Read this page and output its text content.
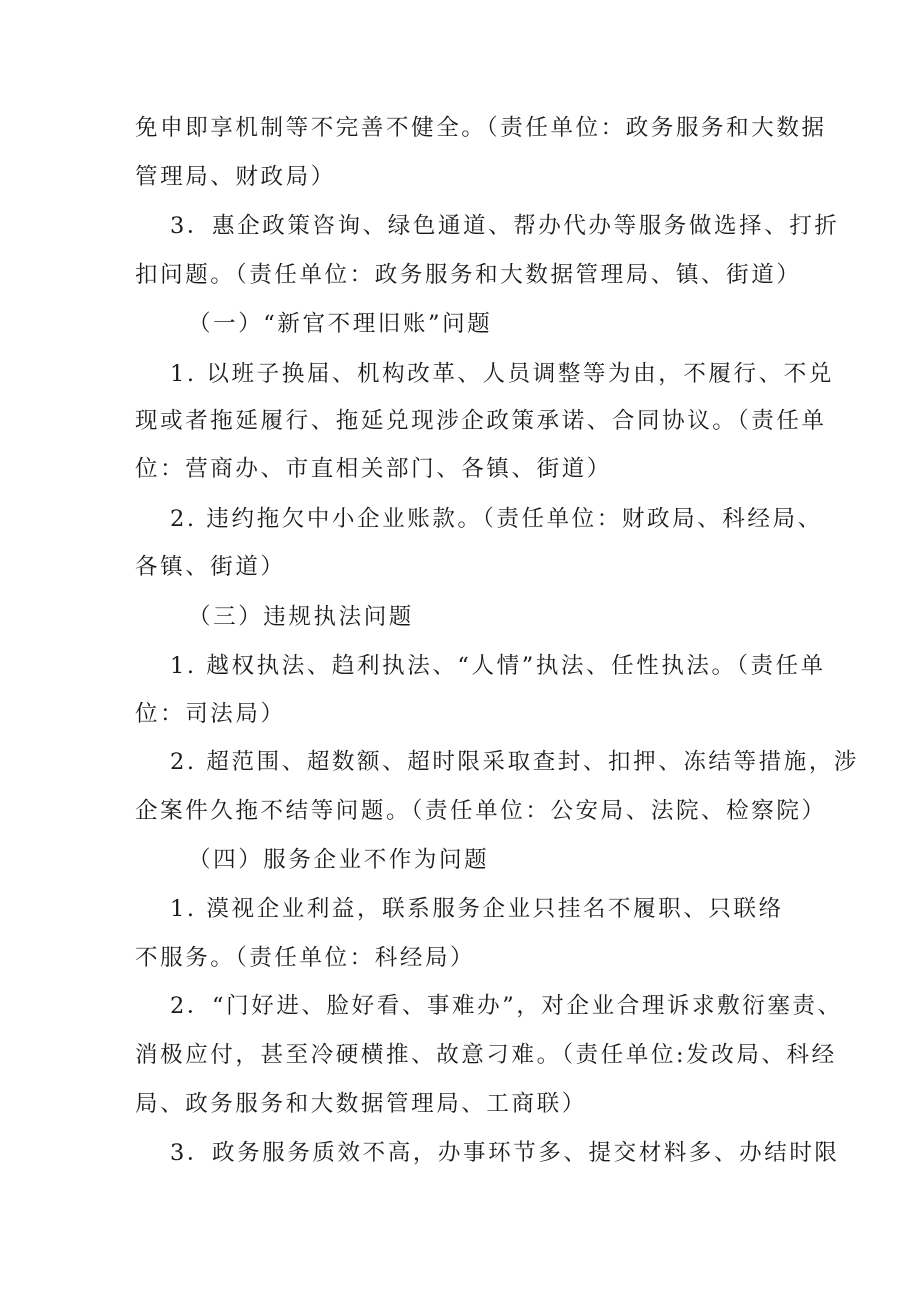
免申即享机制等不完善不健全。（责任单位：政务服务和大数据
管理局、财政局）
3．惠企政策咨询、绿色通道、帮办代办等服务做选择、打折
扣问题。（责任单位：政务服务和大数据管理局、镇、街道）
（一）“新官不理旧账”问题
1. 以班子换届、机构改革、人员调整等为由，不履行、不兑
现或者拖延履行、拖延兑现涉企政策承诺、合同协议。（责任单
位：营商办、市直相关部门、各镇、街道）
2. 违约拖欠中小企业账款。（责任单位：财政局、科经局、
各镇、街道）
（三）违规执法问题
1. 越权执法、趋利执法、“人情”执法、任性执法。（责任单
位：司法局）
2. 超范围、超数额、超时限采取查封、扣押、冻结等措施，涉
企案件久拖不结等问题。（责任单位：公安局、法院、检察院）
（四）服务企业不作为问题
1. 漠视企业利益，联系服务企业只挂名不履职、只联络
不服务。（责任单位：科经局）
2．“门好进、脸好看、事难办”，对企业合理诉求敷衍塞责、
消极应付，甚至冷硬横推、故意刁难。（责任单位:发改局、科经
局、政务服务和大数据管理局、工商联）
3．政务服务质效不高，办事环节多、提交材料多、办结时限
